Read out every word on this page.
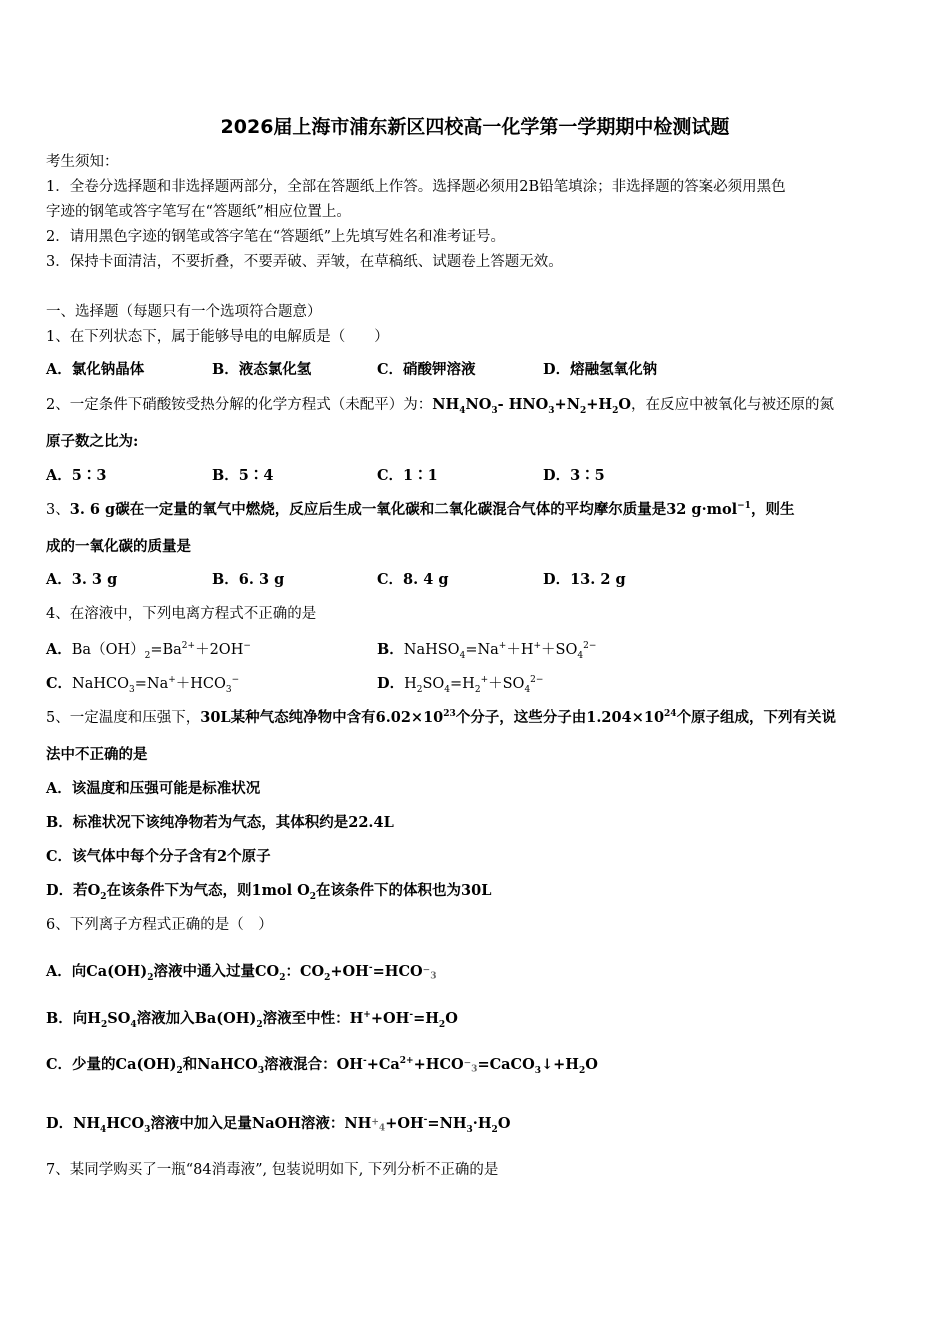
2026届上海市浦东新区四校高一化学第一学期期中检测试题
考生须知：
1．全卷分选择题和非选择题两部分，全部在答题纸上作答。选择题必须用2B铅笔填涂；非选择题的答案必须用黑色
字迹的钢笔或答字笔写在“答题纸”相应位置上。
2．请用黑色字迹的钢笔或答字笔在“答题纸”上先填写姓名和准考证号。
3．保持卡面清洁，不要折叠，不要弄破、弄皱，在草稿纸、试题卷上答题无效。
一、选择题（每题只有一个选项符合题意）
1、在下列状态下，属于能够导电的电解质是（　　）
A．氯化钠晶体	B．液态氯化氢	C．硝酸钾溶液	D．熔融氢氧化钠
2、一定条件下硝酸铵受热分解的化学方程式（未配平）为：$NH_4NO_3-$ $HNO_3+N_2+H_2O$，在反应中被氧化与被还原的氮
原子数之比为:
A．5∶3	B．5∶4	C．1∶1	D．3∶5
3、3. 6 g碳在一定量的氧气中燃烧，反应后生成一氧化碳和二氧化碳混合气体的平均摩尔质量是32 g·mol$^{-1}$，则生
成的一氧化碳的质量是
A．3. 3 g	B．6. 3 g	C．8. 4 g	D．13. 2 g
4、在溶液中，下列电离方程式不正确的是
A．$Ba(OH)_2=Ba^{2+}+2OH^-$	B．$NaHSO_4=Na^++H^++SO_4^{2-}$
C．$NaHCO_3=Na^++HCO_3^-$	D．$H_2SO_4=H_2^++SO_4^{2-}$
5、一定温度和压强下，30L某种气态纯净物中含有$6.02\times 10^{23}$个分子，这些分子由$1.204\times 10^{24}$个原子组成，下列有关说
法中不正确的是
A．该温度和压强可能是标准状况
B．标准状况下该纯净物若为气态，其体积约是22.4L
C．该气体中每个分子含有2个原子
D．若$O_2$在该条件下为气态，则1mol $O_2$在该条件下的体积也为30L
6、下列离子方程式正确的是（　）
A．向$Ca(OH)_2$溶液中通入过量$CO_2$：$CO_2+OH^-=HCO^-_3$
B．向$H_2SO_4$溶液加入$Ba(OH)_2$溶液至中性：$H^++OH^-=H_2O$
C．少量的$Ca(OH)_2$和NaHCO$_3$溶液混合：$OH^-+Ca^{2+}+HCO^-_3=CaCO_3↓+H_2O$
D．$NH_4HCO_3$溶液中加入足量NaOH溶液：$NH^+_4+OH^-=NH_3\cdot H_2O$
7、某同学购买了一瓶“84消毒液”, 包装说明如下, 下列分析不正确的是
